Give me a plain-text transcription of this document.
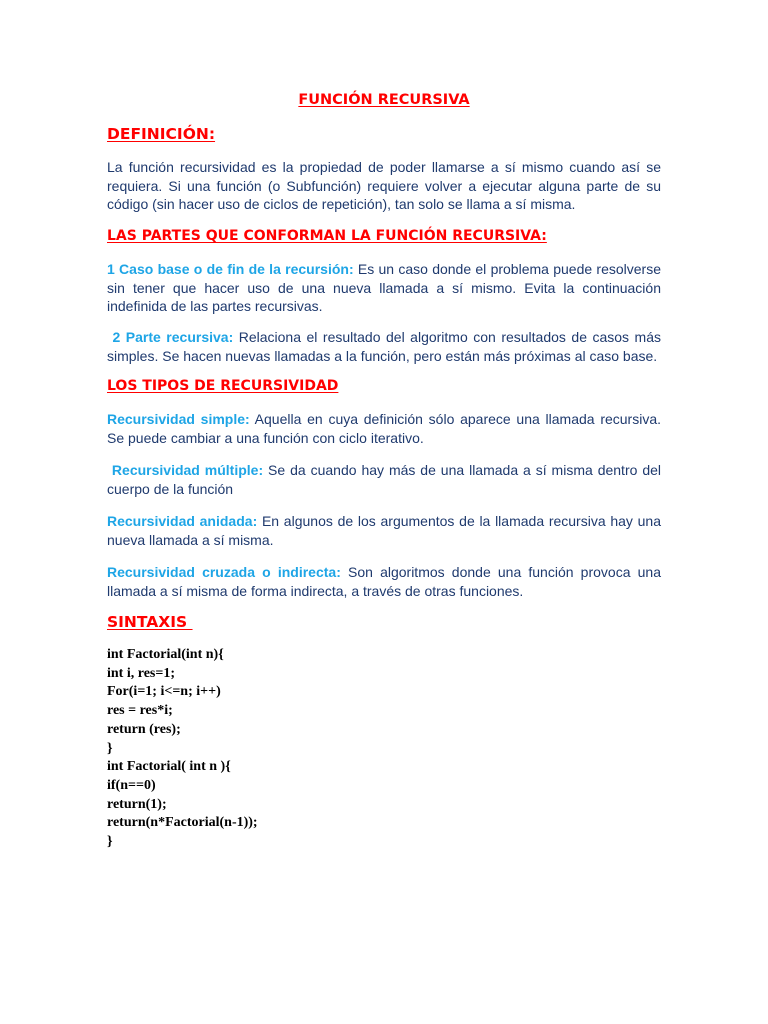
FUNCIÓN RECURSIVA
DEFINICIÓN:

La función recursividad es la propiedad de poder llamarse a sí mismo cuando así se requiera. Si una función (o Subfunción) requiere volver a ejecutar alguna parte de su código (sin hacer uso de ciclos de repetición), tan solo se llama a sí misma.

LAS PARTES QUE CONFORMAN LA FUNCIÓN RECURSIVA:

1 Caso base o de fin de la recursión: Es un caso donde el problema puede resolverse sin tener que hacer uso de una nueva llamada a sí mismo. Evita la continuación indefinida de las partes recursivas.

2 Parte recursiva: Relaciona el resultado del algoritmo con resultados de casos más simples. Se hacen nuevas llamadas a la función, pero están más próximas al caso base.

LOS TIPOS DE RECURSIVIDAD

Recursividad simple: Aquella en cuya definición sólo aparece una llamada recursiva. Se puede cambiar a una función con ciclo iterativo.

Recursividad múltiple: Se da cuando hay más de una llamada a sí misma dentro del cuerpo de la función

Recursividad anidada: En algunos de los argumentos de la llamada recursiva hay una nueva llamada a sí misma.

Recursividad cruzada o indirecta: Son algoritmos donde una función provoca una llamada a sí misma de forma indirecta, a través de otras funciones.

SINTAXIS
int Factorial(int n){
int i, res=1;
For(i=1; i<=n; i++)
res = res*i;
return (res);
}
int Factorial( int n ){
if(n==0)
return(1);
return(n*Factorial(n-1));
}
